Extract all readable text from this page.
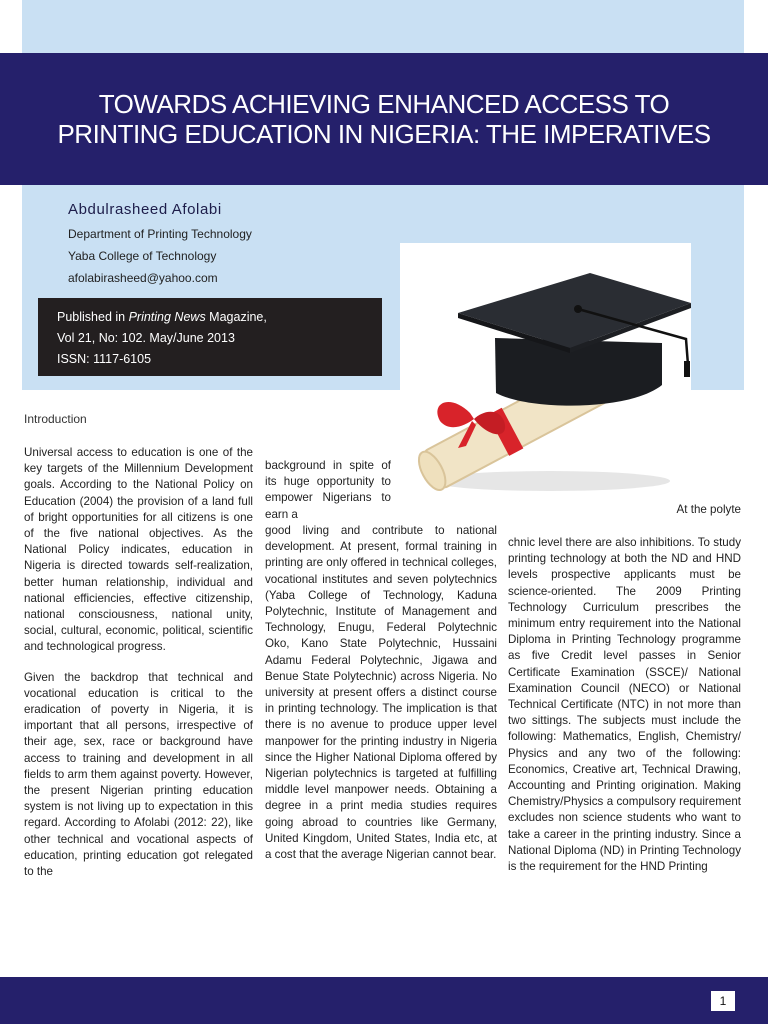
TOWARDS ACHIEVING ENHANCED ACCESS TO
PRINTING EDUCATION IN NIGERIA: THE IMPERATIVES
Abdulrasheed Afolabi
Department of Printing Technology
Yaba College of Technology
afolabirasheed@yahoo.com
Published in Printing News Magazine,
Vol 21, No: 102. May/June 2013
ISSN: 1117-6105
Introduction

Universal access to education is one of the key targets of the Millennium Development goals. According to the National Policy on Education (2004) the provision of a land full of bright opportunities for all citizens is one of the five national objectives. As the National Policy indicates, education in Nigeria is directed towards self-realization, better human relationship, individual and national efficiencies, effective citizenship, national consciousness, national unity, social, cultural, economic, political, scientific and technological progress.

Given the backdrop that technical and vocational education is critical to the eradication of poverty in Nigeria, it is important that all persons, irrespective of their age, sex, race or background have access to training and development in all fields to arm them against poverty. However, the present Nigerian printing education system is not living up to expectation in this regard. According to Afolabi (2012: 22), like other technical and vocational aspects of education, printing education got relegated to the

background in spite of its huge opportunity to empower Nigerians to earn a
good living and contribute to national development. At present, formal training in printing are only offered in technical colleges, vocational institutes and seven polytechnics (Yaba College of Technology, Kaduna Polytechnic, Institute of Management and Technology, Enugu, Federal Polytechnic Oko, Kano State Polytechnic, Hussaini Adamu Federal Polytechnic, Jigawa and Benue State Polytechnic) across Nigeria. No university at present offers a distinct course in printing technology. The implication is that there is no avenue to produce upper level manpower for the printing industry in Nigeria since the Higher National Diploma offered by Nigerian polytechnics is targeted at fulfilling middle level manpower needs. Obtaining a degree in a print media studies requires going abroad to countries like Germany, United Kingdom, United States, India etc, at a cost that the average Nigerian cannot bear.
At the polyte
chnic level there are also inhibitions. To study printing technology at both the ND and HND levels prospective applicants must be science-oriented. The 2009 Printing Technology Curriculum prescribes the minimum entry requirement into the National Diploma in Printing Technology programme as five Credit level passes in Senior Certificate Examination (SSCE)/ National Examination Council (NECO) or National Technical Certificate (NTC) in not more than two sittings. The subjects must include the following: Mathematics, English, Chemistry/ Physics and any two of the following: Economics, Creative art, Technical Drawing, Accounting and Printing origination. Making Chemistry/Physics a compulsory requirement excludes non science students who want to take a career in the printing industry. Since a National Diploma (ND) in Printing Technology is the requirement for the HND Printing
1
